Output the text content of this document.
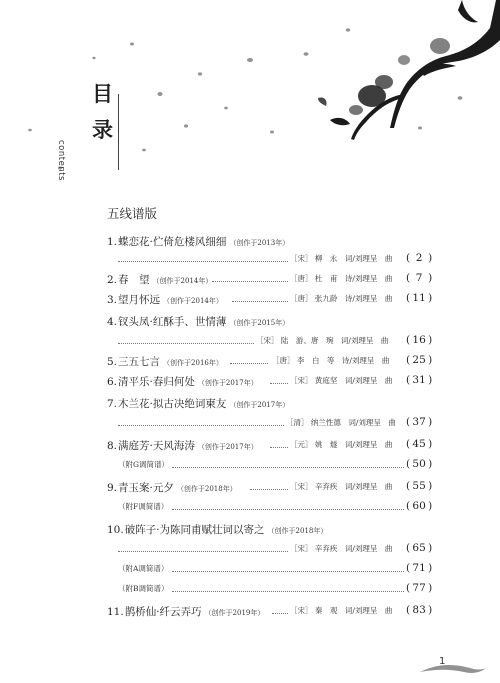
目
录
contents
五线谱版
1.蝶恋花·伫倚危楼风细细 （创作于2013年）
［宋］ 柳　永　 词/刘理呈　曲 ( 2 )
2.春　望 （创作于2014年）	［唐］ 杜　甫　 诗/刘理呈　曲 ( 7 )
3.望月怀远 （创作于2014年）	［唐］ 张九龄　 诗/刘理呈　曲 ( 11 )
4.钗头凤·红酥手、世情薄 （创作于2015年）
［宋］ 陆　游、唐　琬　 词/刘理呈　曲 ( 16 )
5.三五七言 （创作于2016年）	［唐］ 李　白　等　 诗/刘理呈　曲 ( 25 )
6.清平乐·春归何处 （创作于2017年）	［宋］ 黄庭坚　 词/刘理呈　曲 ( 31 )
7.木兰花·拟古决绝词柬友 （创作于2017年）
［清］ 纳兰性德　 词/刘理呈　曲 ( 37 )
8.满庭芳·天风海涛 （创作于2017年）	［元］ 姚　燧　 词/刘理呈　曲 ( 45 )
（附G调简谱）	( 50 )
9.青玉案·元夕 （创作于2018年）	［宋］ 辛弃疾　 词/刘理呈　曲 ( 55 )
（附F调简谱）	( 60 )
10.破阵子·为陈同甫赋壮词以寄之 （创作于2018年）
［宋］ 辛弃疾　 词/刘理呈　曲 ( 65 )
（附A调简谱）	( 71 )
（附B调简谱）	( 77 )
11.鹊桥仙·纤云弄巧 （创作于2019年）	［宋］ 秦　观　 词/刘理呈　曲 ( 83 )
1
